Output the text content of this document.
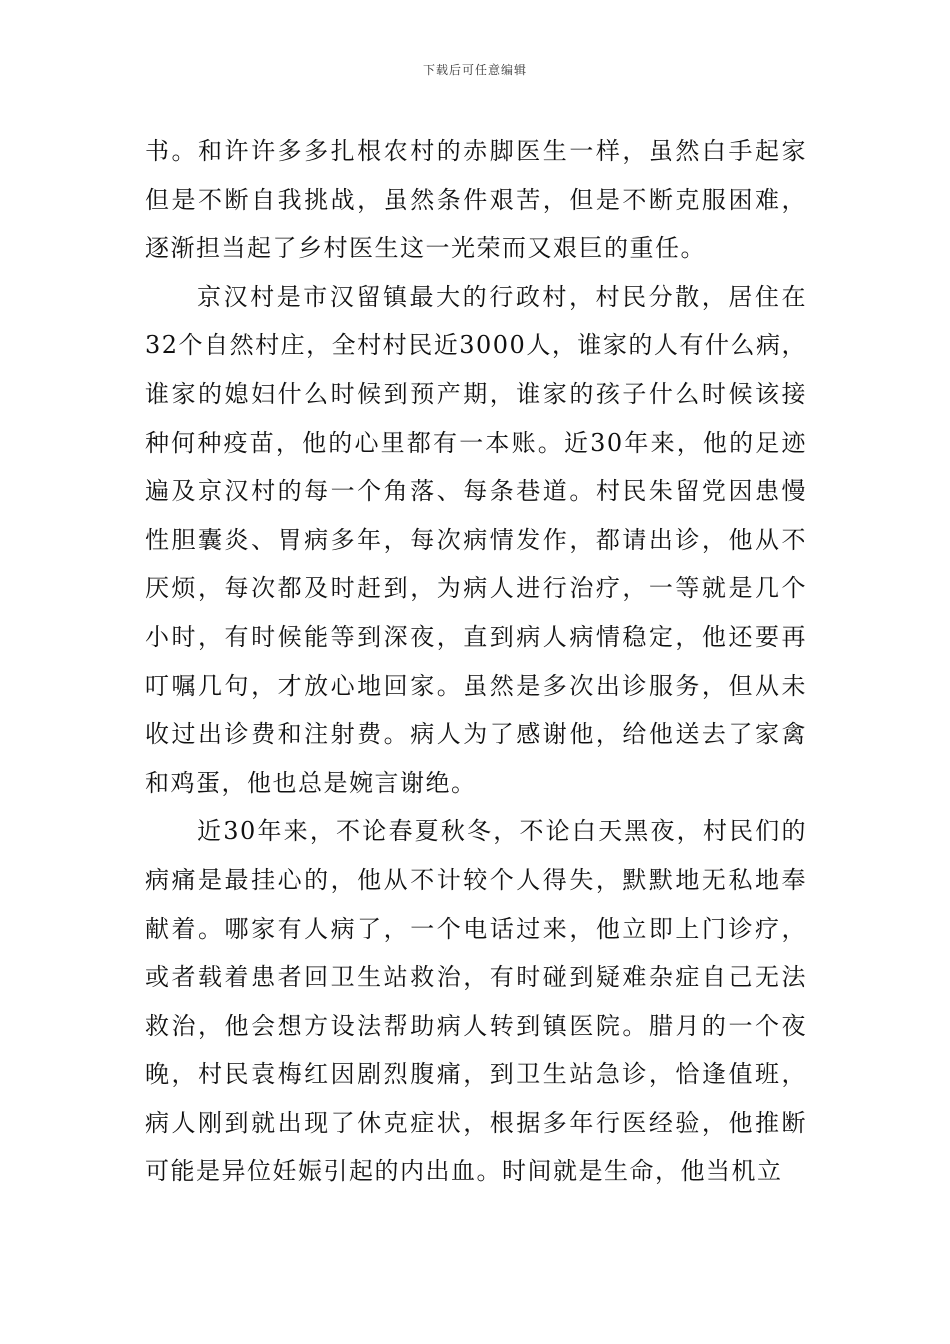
下载后可任意编辑

书。和许许多多扎根农村的赤脚医生一样，虽然白手起家但是不断自我挑战，虽然条件艰苦，但是不断克服困难，逐渐担当起了乡村医生这一光荣而又艰巨的重任。

京汉村是市汉留镇最大的行政村，村民分散，居住在32个自然村庄，全村村民近3000人，谁家的人有什么病，谁家的媳妇什么时候到预产期，谁家的孩子什么时候该接种何种疫苗，他的心里都有一本账。近30年来，他的足迹遍及京汉村的每一个角落、每条巷道。村民朱留党因患慢性胆囊炎、胃病多年，每次病情发作，都请出诊，他从不厌烦，每次都及时赶到，为病人进行治疗，一等就是几个小时，有时候能等到深夜，直到病人病情稳定，他还要再叮嘱几句，才放心地回家。虽然是多次出诊服务，但从未收过出诊费和注射费。病人为了感谢他，给他送去了家禽和鸡蛋，他也总是婉言谢绝。

近30年来，不论春夏秋冬，不论白天黑夜，村民们的病痛是最挂心的，他从不计较个人得失，默默地无私地奉献着。哪家有人病了，一个电话过来，他立即上门诊疗，或者载着患者回卫生站救治，有时碰到疑难杂症自己无法救治，他会想方设法帮助病人转到镇医院。腊月的一个夜晚，村民袁梅红因剧烈腹痛，到卫生站急诊，恰逢值班，病人刚到就出现了休克症状，根据多年行医经验，他推断可能是异位妊娠引起的内出血。时间就是生命，他当机立
